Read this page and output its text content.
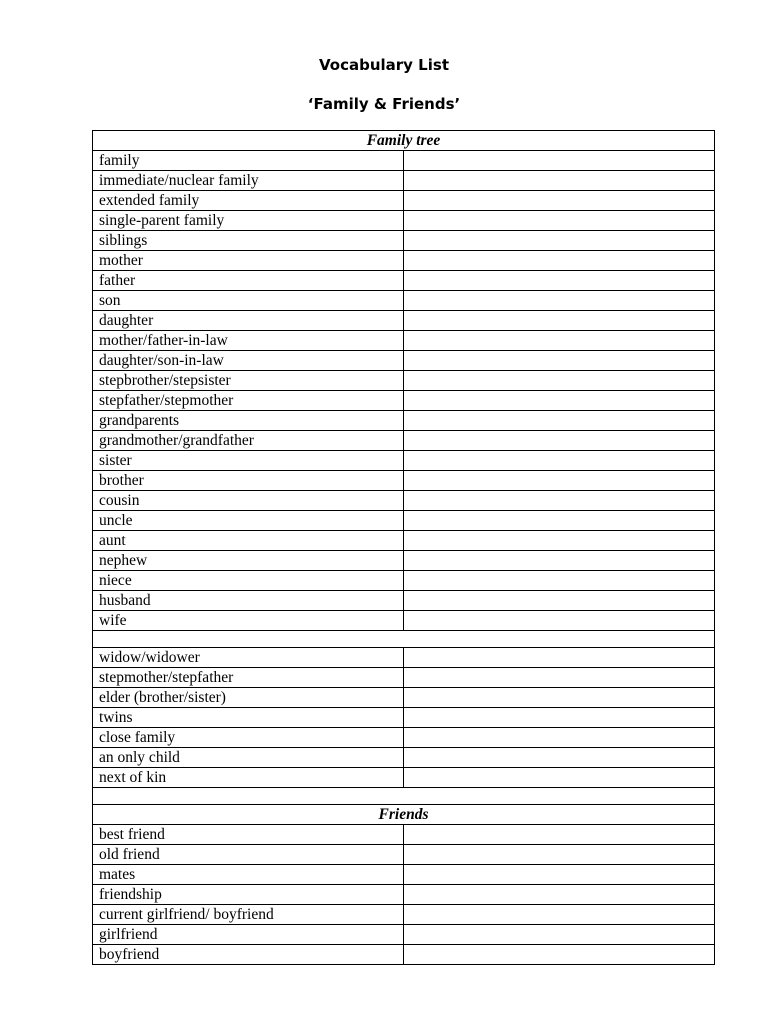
Vocabulary List
‘Family & Friends’
Family tree	
family	
immediate/nuclear family	
extended family	
single-parent family	
siblings	
mother	
father	
son	
daughter	
mother/father-in-law	
daughter/son-in-law	
stepbrother/stepsister	
stepfather/stepmother	
grandparents	
grandmother/grandfather	
sister	
brother	
cousin	
uncle	
aunt	
nephew	
niece	
husband	
wife	

widow/widower	
stepmother/stepfather	
elder (brother/sister)	
twins	
close family	
an only child	
next of kin	

Friends	
best friend	
old friend	
mates	
friendship	
current girlfriend/ boyfriend	
girlfriend	
boyfriend	
